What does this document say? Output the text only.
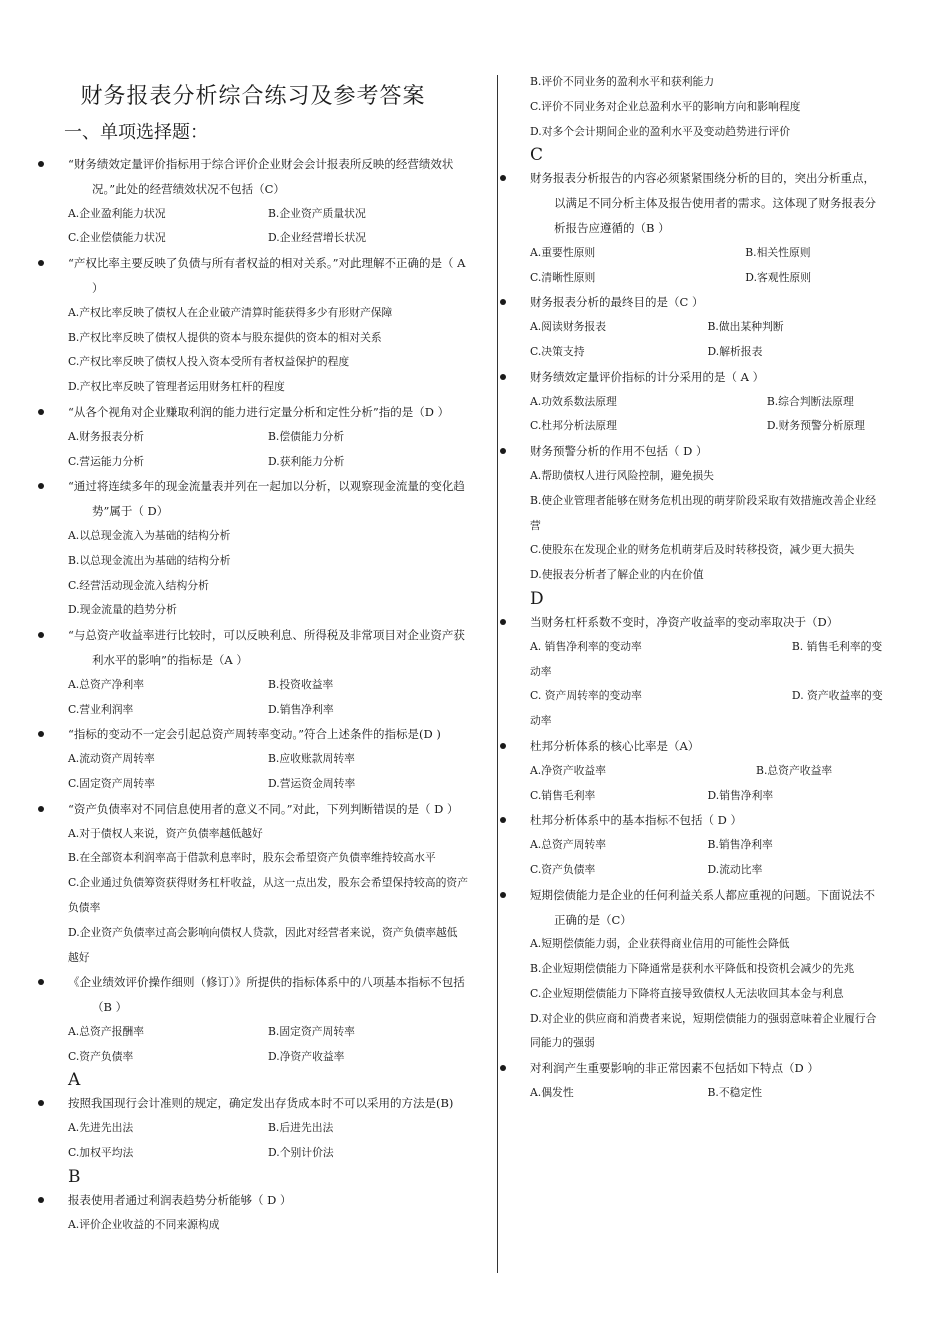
财务报表分析综合练习及参考答案
一、单项选择题：
“财务绩效定量评价指标用于综合评价企业财会会计报表所反映的经营绩效状况。”此处的经营绩效状况不包括（C）
A.企业盈利能力状况	B.企业资产质量状况
C.企业偿债能力状况	D.企业经营增长状况
“产权比率主要反映了负债与所有者权益的相对关系。”对此理解不正确的是（ A ）
A.产权比率反映了债权人在企业破产清算时能获得多少有形财产保障
B.产权比率反映了债权人提供的资本与股东提供的资本的相对关系
C.产权比率反映了债权人投入资本受所有者权益保护的程度
D.产权比率反映了管理者运用财务杠杆的程度
“从各个视角对企业赚取利润的能力进行定量分析和定性分析”指的是（D ）
A.财务报表分析	B.偿债能力分析
C.营运能力分析	D.获利能力分析
“通过将连续多年的现金流量表并列在一起加以分析，以观察现金流量的变化趋势”属于（ D）
A.以总现金流入为基础的结构分析
B.以总现金流出为基础的结构分析
C.经营活动现金流入结构分析
D.现金流量的趋势分析
“与总资产收益率进行比较时，可以反映利息、所得税及非常项目对企业资产获利水平的影响”的指标是（A ）
A.总资产净利率	B.投资收益率
C.营业利润率	D.销售净利率
“指标的变动不一定会引起总资产周转率变动。”符合上述条件的指标是(D )
A.流动资产周转率	B.应收账款周转率
C.固定资产周转率	D.营运资金周转率
“资产负债率对不同信息使用者的意义不同。”对此，下列判断错误的是（ D ）
A.对于债权人来说，资产负债率越低越好
B.在全部资本利润率高于借款利息率时，股东会希望资产负债率维持较高水平
C.企业通过负债筹资获得财务杠杆收益，从这一点出发，股东会希望保持较高的资产负债率
D.企业资产负债率过高会影响向债权人贷款，因此对经营者来说，资产负债率越低越好
《企业绩效评价操作细则（修订）》所提供的指标体系中的八项基本指标不包括（B ）
A.总资产报酬率	B.固定资产周转率
C.资产负债率	D.净资产收益率
A
按照我国现行会计准则的规定，确定发出存货成本时不可以采用的方法是(B)
A.先进先出法	B.后进先出法
C.加权平均法	D.个别计价法
B
报表使用者通过利润表趋势分析能够（ D ）
A.评价企业收益的不同来源构成
B.评价不同业务的盈利水平和获利能力
C.评价不同业务对企业总盈利水平的影响方向和影响程度
D.对多个会计期间企业的盈利水平及变动趋势进行评价
C
财务报表分析报告的内容必须紧紧围绕分析的目的，突出分析重点，以满足不同分析主体及报告使用者的需求。这体现了财务报表分析报告应遵循的（B ）
A.重要性原则	B.相关性原则
C.清晰性原则	D.客观性原则
财务报表分析的最终目的是（C ）
A.阅读财务报表	B.做出某种判断
C.决策支持	D.解析报表
财务绩效定量评价指标的计分采用的是（ A ）
A.功效系数法原理	B.综合判断法原理
C.杜邦分析法原理	D.财务预警分析原理
财务预警分析的作用不包括（ D ）
A.帮助债权人进行风险控制，避免损失
B.使企业管理者能够在财务危机出现的萌芽阶段采取有效措施改善企业经营
C.使股东在发现企业的财务危机萌芽后及时转移投资，减少更大损失
D.使报表分析者了解企业的内在价值
D
当财务杠杆系数不变时，净资产收益率的变动率取决于（D）
A. 销售净利率的变动率	B. 销售毛利率的变动率
C. 资产周转率的变动率	D. 资产收益率的变动率
杜邦分析体系的核心比率是（A）
A.净资产收益率	B.总资产收益率
C.销售毛利率	D.销售净利率
杜邦分析体系中的基本指标不包括（ D ）
A.总资产周转率	B.销售净利率
C.资产负债率	D.流动比率
短期偿债能力是企业的任何利益关系人都应重视的问题。下面说法不正确的是（C）
A.短期偿债能力弱，企业获得商业信用的可能性会降低
B.企业短期偿债能力下降通常是获利水平降低和投资机会减少的先兆
C.企业短期偿债能力下降将直接导致债权人无法收回其本金与利息
D.对企业的供应商和消费者来说，短期偿债能力的强弱意味着企业履行合同能力的强弱
对利润产生重要影响的非正常因素不包括如下特点（D ）
A.偶发性	B.不稳定性
